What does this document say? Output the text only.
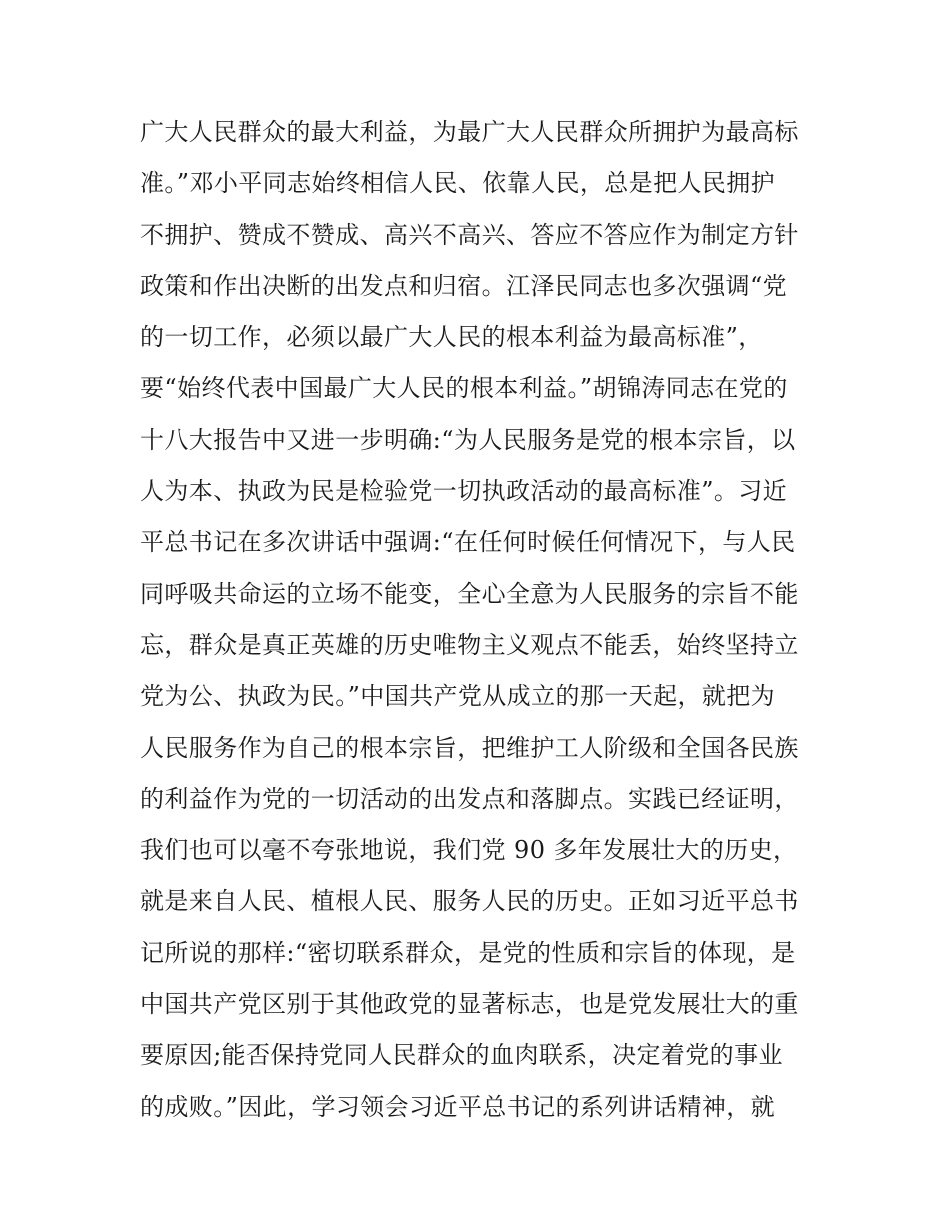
广大人民群众的最大利益，为最广大人民群众所拥护为最高标
准。”邓小平同志始终相信人民、依靠人民，总是把人民拥护
不拥护、赞成不赞成、高兴不高兴、答应不答应作为制定方针
政策和作出决断的出发点和归宿。江泽民同志也多次强调“党
的一切工作，必须以最广大人民的根本利益为最高标准”，
要“始终代表中国最广大人民的根本利益。”胡锦涛同志在党的
十八大报告中又进一步明确:“为人民服务是党的根本宗旨，以
人为本、执政为民是检验党一切执政活动的最高标准”。习近
平总书记在多次讲话中强调:“在任何时候任何情况下，与人民
同呼吸共命运的立场不能变，全心全意为人民服务的宗旨不能
忘，群众是真正英雄的历史唯物主义观点不能丢，始终坚持立
党为公、执政为民。”中国共产党从成立的那一天起，就把为
人民服务作为自己的根本宗旨，把维护工人阶级和全国各民族
的利益作为党的一切活动的出发点和落脚点。实践已经证明，
我们也可以毫不夸张地说，我们党 90 多年发展壮大的历史，
就是来自人民、植根人民、服务人民的历史。正如习近平总书
记所说的那样:“密切联系群众，是党的性质和宗旨的体现，是
中国共产党区别于其他政党的显著标志，也是党发展壮大的重
要原因;能否保持党同人民群众的血肉联系，决定着党的事业
的成败。”因此，学习领会习近平总书记的系列讲话精神，就
